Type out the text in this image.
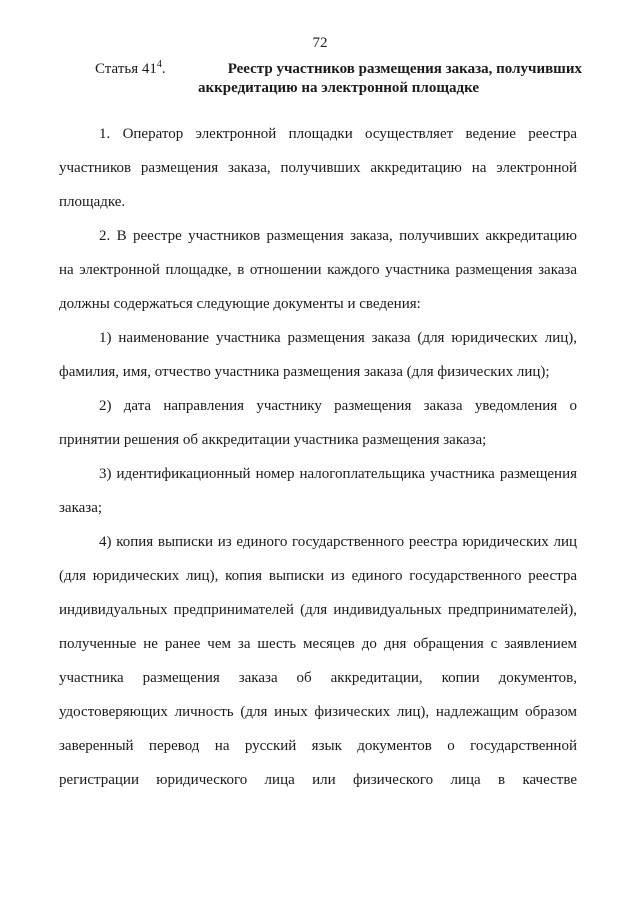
72
Статья $41^4$.	Реестр участников размещения заказа, получивших
аккредитацию на электронной площадке

1. Оператор электронной площадки осуществляет ведение реестра участников размещения заказа, получивших аккредитацию на электронной площадке.

2. В реестре участников размещения заказа, получивших аккредитацию на электронной площадке, в отношении каждого участника размещения заказа должны содержаться следующие документы и сведения:

1) наименование участника размещения заказа (для юридических лиц), фамилия, имя, отчество участника размещения заказа (для физических лиц);

2) дата направления участнику размещения заказа уведомления о принятии решения об аккредитации участника размещения заказа;

3) идентификационный номер налогоплательщика участника размещения заказа;

4) копия выписки из единого государственного реестра юридических лиц (для юридических лиц), копия выписки из единого государственного реестра индивидуальных предпринимателей (для индивидуальных предпринимателей), полученные не ранее чем за шесть месяцев до дня обращения с заявлением участника размещения заказа об аккредитации, копии документов, удостоверяющих личность (для иных физических лиц), надлежащим образом заверенный перевод на русский язык документов о государственной регистрации юридического лица или физического лица в качестве
